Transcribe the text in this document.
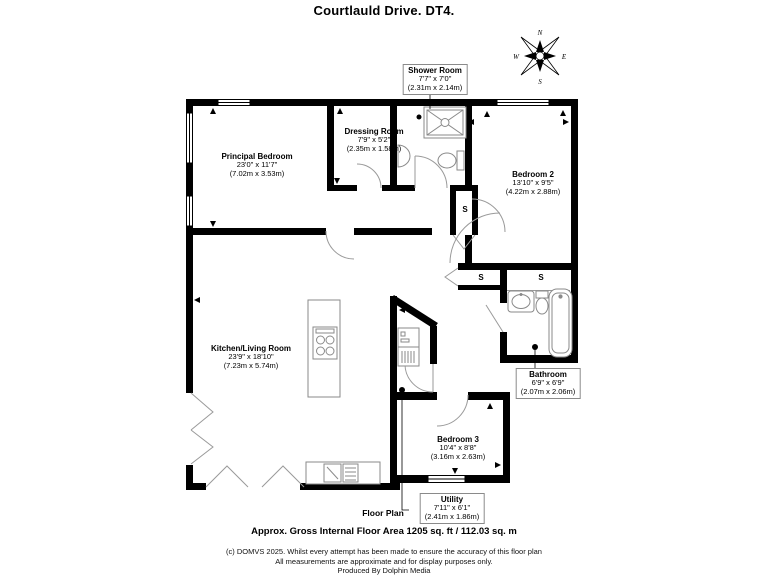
Courtlauld Drive. DT4.
S
S	S
N
S
E
W
Shower Room
7'7" x 7'0"
(2.31m x 2.14m)
Dressing Room
7'9" x 5'2"
(2.35m x 1.58m)
Principal Bedroom
23'0" x 11'7"
(7.02m x 3.53m)	Bedroom 2
13'10" x 9'5"
(4.22m x 2.88m)
Kitchen/Living Room
23'9" x 18'10"
(7.23m x 5.74m)
Bathroom
6'9" x 6'9"
(2.07m x 2.06m)
Bedroom 3
10'4" x 8'8"
(3.16m x 2.63m)
Utility
7'11" x 6'1"
(2.41m x 1.86m)
Floor Plan
Approx. Gross Internal Floor Area 1205 sq. ft / 112.03 sq. m
(c) DOMVS 2025. Whilst every attempt has been made to ensure the accuracy of this floor plan
All measurements are approximate and for display purposes only.
Produced By Dolphin Media
